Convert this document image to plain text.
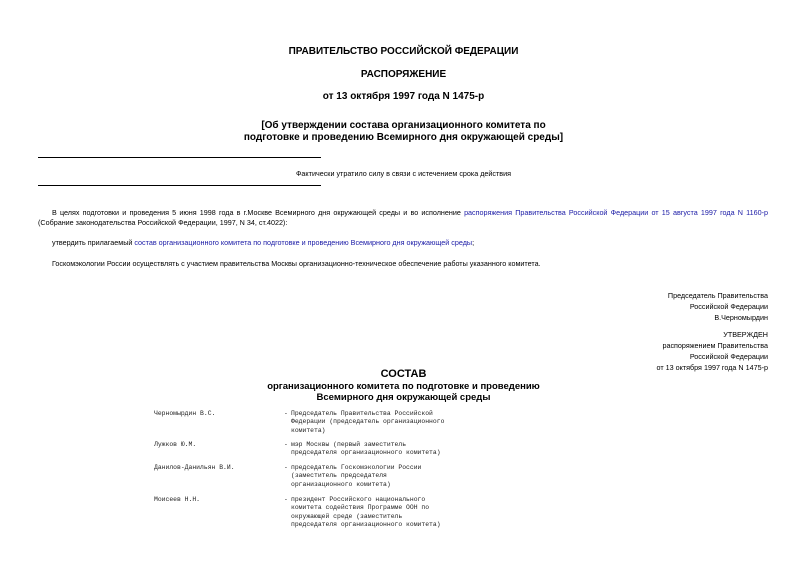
ПРАВИТЕЛЬСТВО РОССИЙСКОЙ ФЕДЕРАЦИИ
РАСПОРЯЖЕНИЕ
от 13 октября 1997 года N 1475-р
[Об утверждении состава организационного комитета по
подготовке и проведению Всемирного дня окружающей среды]
Фактически утратило силу в связи с истечением срока действия
В целях подготовки и проведения 5 июня 1998 года в г.Москве Всемирного дня окружающей среды и во исполнение распоряжения Правительства Российской Федерации от 15 августа 1997 года N 1160-р (Собрание законодательства Российской Федерации, 1997, N 34, ст.4022):
утвердить прилагаемый состав организационного комитета по подготовке и проведению Всемирного дня окружающей среды;
Госкомэкологии России осуществлять с участием правительства Москвы организационно-техническое обеспечение работы указанного комитета.
Председатель Правительства
Российской Федерации
В.Черномырдин
УТВЕРЖДЕН
распоряжением Правительства
Российской Федерации
от 13 октября 1997 года N 1475-р
СОСТАВ
организационного комитета по подготовке и проведению
Всемирного дня окружающей среды
Черномырдин В.С.	- Председатель Правительства Российской
Федерации (председатель организационного
комитета)
Лужков Ю.М.	- мэр Москвы (первый заместитель
председателя организационного комитета)
Данилов-Данильян В.И.	- председатель Госкомэкологии России
(заместитель председателя
организационного комитета)
Моисеев Н.Н.	- президент Российского национального
комитета содействия Программе ООН по
окружающей среде (заместитель
председателя организационного комитета)
